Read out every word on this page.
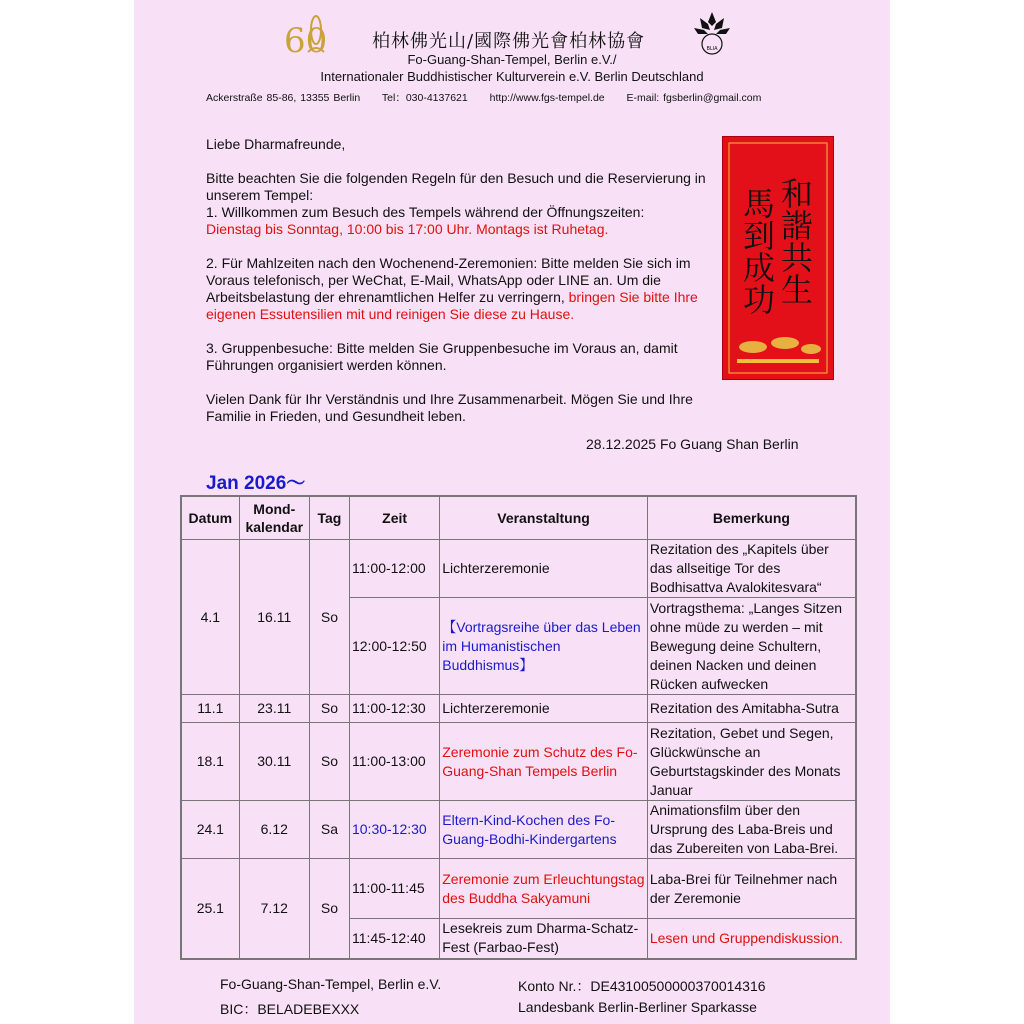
60	BLIA
柏林佛光山/國際佛光會柏林協會
Fo-Guang-Shan-Tempel, Berlin e.V./
Internationaler Buddhistischer Kulturverein e.V. Berlin Deutschland
Ackerstraße 85-86, 13355 Berlin Tel：030-4137621 http://www.fgs-tempel.de E-mail: fgsberlin@gmail.com

Liebe Dharmafreunde,

Bitte beachten Sie die folgenden Regeln für den Besuch und die Reservierung in unserem Tempel:

1. Willkommen zum Besuch des Tempels während der Öffnungszeiten:

Dienstag bis Sonntag, 10:00 bis 17:00 Uhr. Montags ist Ruhetag.

2. Für Mahlzeiten nach den Wochenend-Zeremonien: Bitte melden Sie sich im Voraus telefonisch, per WeChat, E-Mail, WhatsApp oder LINE an. Um die Arbeitsbelastung der ehrenamtlichen Helfer zu verringern, bringen Sie bitte Ihre eigenen Essutensilien mit und reinigen Sie diese zu Hause.

3. Gruppenbesuche: Bitte melden Sie Gruppenbesuche im Voraus an, damit Führungen organisiert werden können.

Vielen Dank für Ihr Verständnis und Ihre Zusammenarbeit. Mögen Sie und Ihre Familie in Frieden, und Gesundheit leben.

28.12.2025 Fo Guang Shan Berlin
和諧共生
馬到成功
Jan 2026～
Datum	Mond-kalendar	Tag	Zeit	Veranstaltung	Bemerkung
4.1	16.11	So	11:00-12:00	Lichterzeremonie	Rezitation des „Kapitels über das allseitige Tor des Bodhisattva Avalokitesvara“
			12:00-12:50	【Vortragsreihe über das Leben im Humanistischen Buddhismus】	Vortragsthema: „Langes Sitzen ohne müde zu werden – mit Bewegung deine Schultern, deinen Nacken und deinen Rücken aufwecken
11.1	23.11	So	11:00-12:30	Lichterzeremonie	Rezitation des Amitabha-Sutra
18.1	30.11	So	11:00-13:00	Zeremonie zum Schutz des Fo-Guang-Shan Tempels Berlin	Rezitation, Gebet und Segen, Glückwünsche an Geburtstagskinder des Monats Januar
24.1	6.12	Sa	10:30-12:30	Eltern-Kind-Kochen des Fo-Guang-Bodhi-Kindergartens	Animationsfilm über den Ursprung des Laba-Breis und das Zubereiten von Laba-Brei.
25.1	7.12	So	11:00-11:45	Zeremonie zum Erleuchtungstag des Buddha Sakyamuni	Laba-Brei für Teilnehmer nach der Zeremonie
			11:45-12:40	Lesekreis zum Dharma-Schatz-Fest (Farbao-Fest)	Lesen und Gruppendiskussion.
Fo-Guang-Shan-Tempel, Berlin e.V.	Konto Nr.：DE43100500000370014316
BIC：BELADEBEXXX	Landesbank Berlin-Berliner Sparkasse
